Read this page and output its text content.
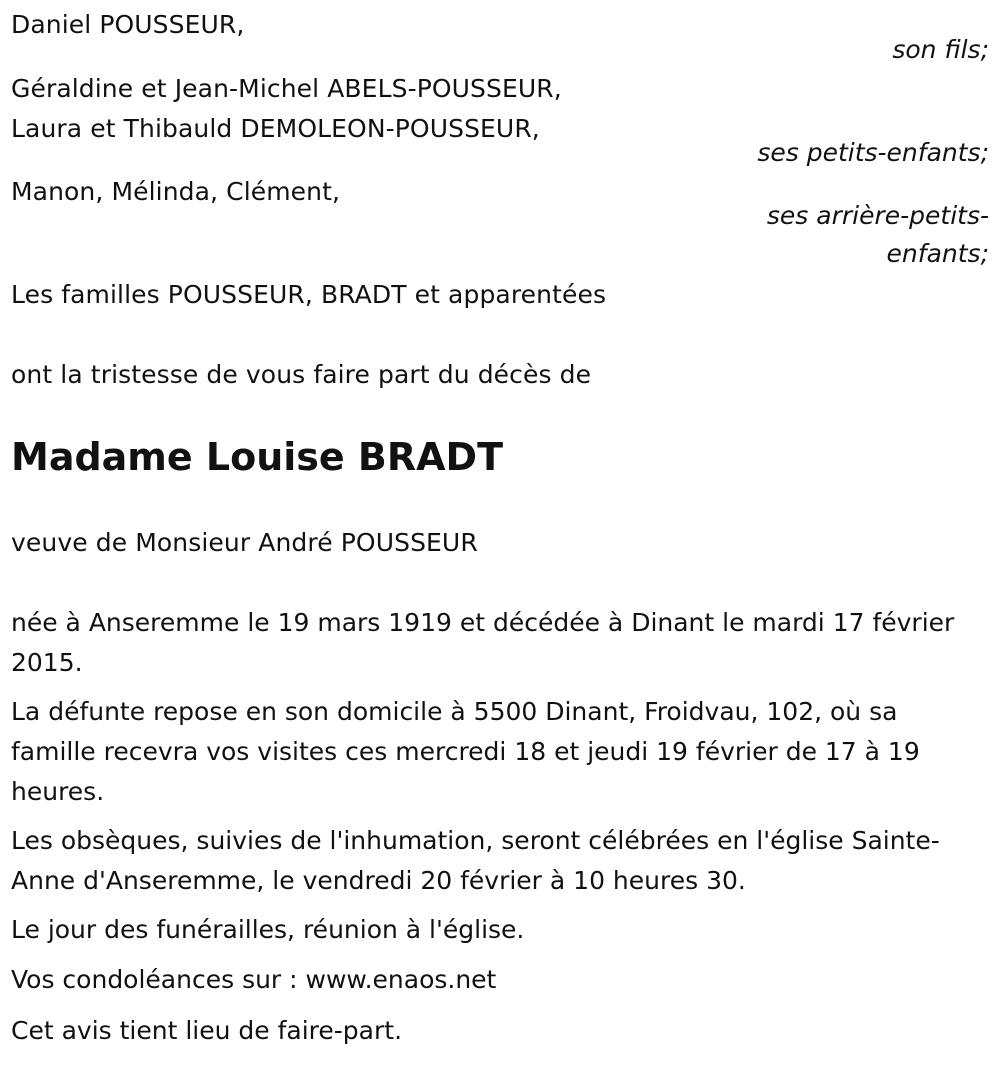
Daniel POUSSEUR,
son fils;
Géraldine et Jean-Michel ABELS-POUSSEUR,
Laura et Thibauld DEMOLEON-POUSSEUR,
ses petits-enfants;
Manon, Mélinda, Clément,
ses arrière-petits-
enfants;
Les familles POUSSEUR, BRADT et apparentées
ont la tristesse de vous faire part du décès de
Madame Louise BRADT
veuve de Monsieur André POUSSEUR
née à Anseremme le 19 mars 1919 et décédée à Dinant le mardi 17 février 2015.
La défunte repose en son domicile à 5500 Dinant, Froidvau, 102, où sa famille recevra vos visites ces mercredi 18 et jeudi 19 février de 17 à 19 heures.
Les obsèques, suivies de l'inhumation, seront célébrées en l'église Sainte-Anne d'Anseremme, le vendredi 20 février à 10 heures 30.
Le jour des funérailles, réunion à l'église.
Vos condoléances sur : www.enaos.net
Cet avis tient lieu de faire-part.
